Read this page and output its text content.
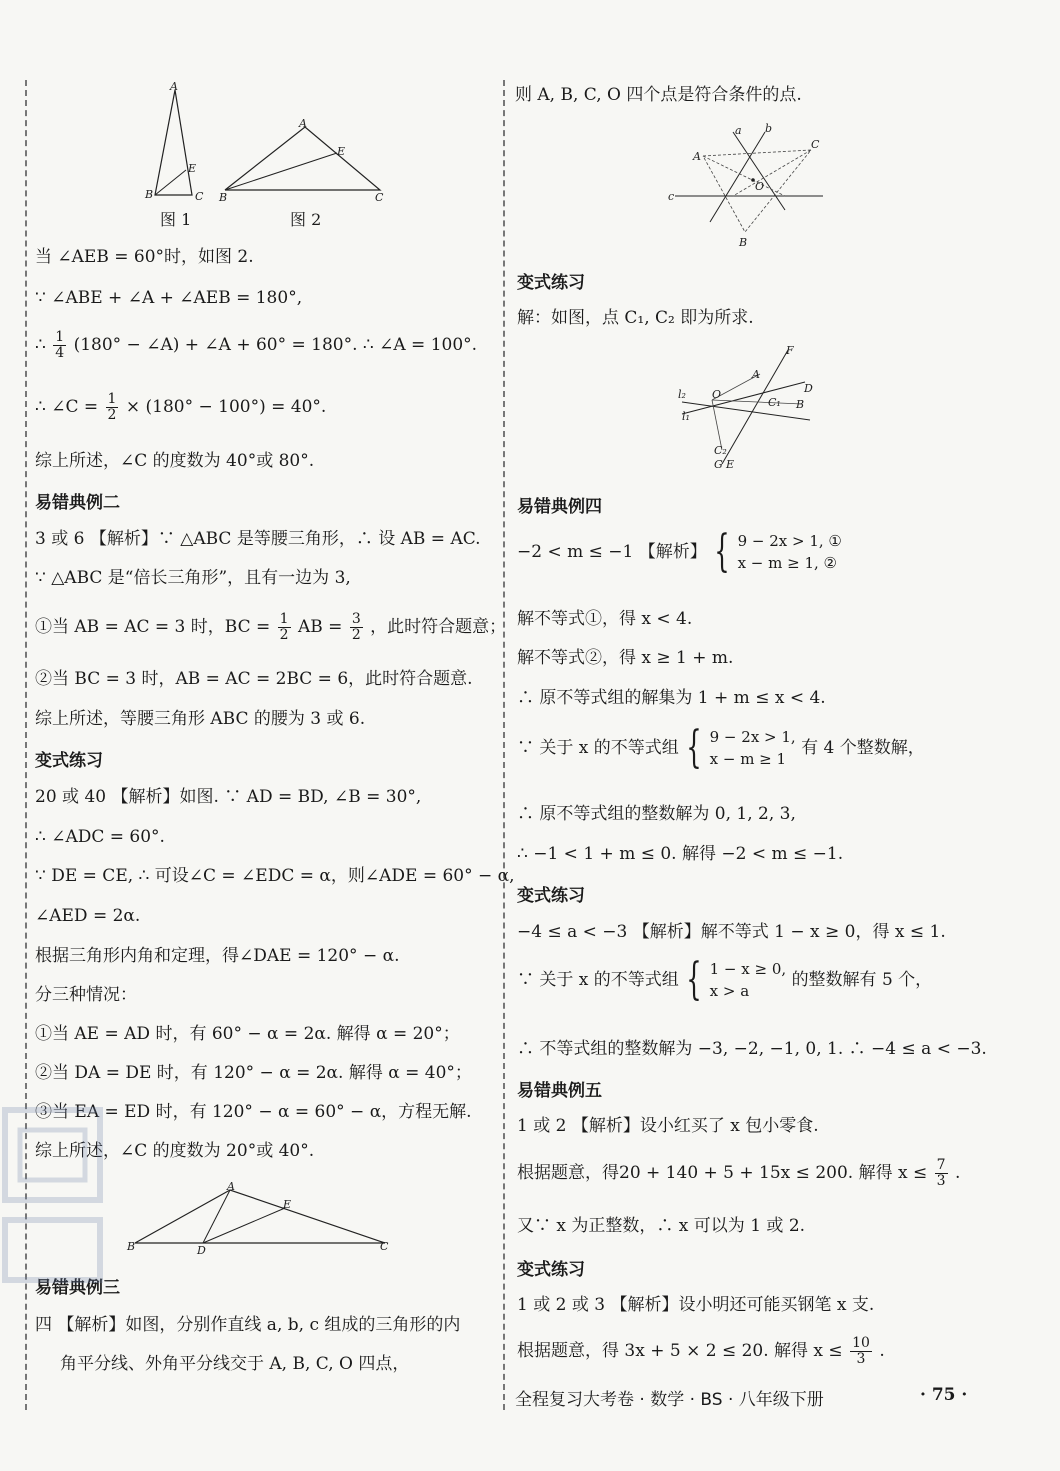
A
B	C
E
图 1
A
B	C
E
图 2
当 ∠AEB = 60°时，如图 2.
∵ ∠ABE + ∠A + ∠AEB = 180°,
∴ $\frac{1}{4} (180^\circ$ − ∠A) + ∠A + 60° = 180°. ∴ ∠A = 100°.
∴ ∠C = $\frac{1}{2} \times (180^\circ - 100^\circ) = 40^\circ$.
综上所述，∠C 的度数为 40°或 80°.
易错典例二
3 或 6 【解析】∵ △ABC 是等腰三角形，∴ 设 AB = AC.
∵ △ABC 是“倍长三角形”，且有一边为 3,
①当 AB = AC = 3 时，BC = $\frac{1}{2}$ AB = $\frac{3}{2}$ ，此时符合题意；
②当 BC = 3 时，AB = AC = 2BC = 6，此时符合题意.
综上所述，等腰三角形 ABC 的腰为 3 或 6.
变式练习
20 或 40 【解析】如图. ∵ AD = BD, ∠B = 30°,
∴ ∠ADC = 60°.
∵ DE = CE, ∴ 可设∠C = ∠EDC = α，则∠ADE = 60° − α,
∠AED = 2α.
根据三角形内角和定理，得∠DAE = 120° − α.
分三种情况：
①当 AE = AD 时，有 60° − α = 2α. 解得 α = 20°；
②当 DA = DE 时，有 120° − α = 2α. 解得 α = 40°；
③当 EA = ED 时，有 120° − α = 60° − α，方程无解.
综上所述，∠C 的度数为 20°或 40°.
A
B	D
E
C
易错典例三
四 【解析】如图，分别作直线 a, b, c 组成的三角形的内
角平分线、外角平分线交于 A, B, C, O 四点，
则 A, B, C, O 四个点是符合条件的点.
a b
c
A
C
O
B
变式练习
解：如图，点 C₁, C₂ 即为所求.
F
A
D
B
C₁
O
l₂
l₁
C₂
G E
易错典例四
−2 < m ≤ −1 【解析】 { 9 − 2x > 1, ①
x − m ≥ 1, ②
解不等式①，得 x < 4.
解不等式②，得 x ≥ 1 + m.
∴ 原不等式组的解集为 1 + m ≤ x < 4.
∵ 关于 x 的不等式组 { 9 − 2x > 1,
x − m ≥ 1
有 4 个整数解，
∴ 原不等式组的整数解为 0, 1, 2, 3,
∴ −1 < 1 + m ≤ 0. 解得 −2 < m ≤ −1.
变式练习
−4 ≤ a < −3 【解析】解不等式 1 − x ≥ 0，得 x ≤ 1.
∵ 关于 x 的不等式组 { 1 − x ≥ 0,
x > a
的整数解有 5 个，
∴ 不等式组的整数解为 −3, −2, −1, 0, 1. ∴ −4 ≤ a < −3.
易错典例五
1 或 2 【解析】设小红买了 x 包小零食.
根据题意，得20 + 140 + 5 + 15x ≤ 200. 解得 $x \le \frac{7}{3}$ .
又∵ x 为正整数，∴ x 可以为 1 或 2.
变式练习
1 或 2 或 3 【解析】设小明还可能买钢笔 x 支.
根据题意，得 3x + 5 × 2 ≤ 20. 解得 $x \le \frac{10}{3}$ .
全程复习大考卷 · 数学 · BS · 八年级下册	· 75 ·
